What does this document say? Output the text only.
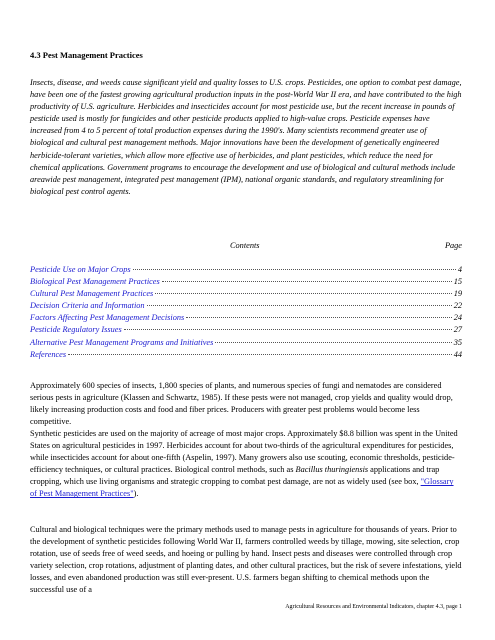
4.3 Pest Management Practices

Insects, disease, and weeds cause significant yield and quality losses to U.S. crops. Pesticides, one option to combat pest damage, have been one of the fastest growing agricultural production inputs in the post-World War II era, and have contributed to the high productivity of U.S. agriculture. Herbicides and insecticides account for most pesticide use, but the recent increase in pounds of pesticide used is mostly for fungicides and other pesticide products applied to high-value crops. Pesticide expenses have increased from 4 to 5 percent of total production expenses during the 1990's. Many scientists recommend greater use of biological and cultural pest management methods. Major innovations have been the development of genetically engineered herbicide-tolerant varieties, which allow more effective use of herbicides, and plant pesticides, which reduce the need for chemical applications. Government programs to encourage the development and use of biological and cultural methods include areawide pest management, integrated pest management (IPM), national organic standards, and regulatory streamlining for biological pest control agents.

Contents	Page
Pesticide Use on Major Crops	4
Biological Pest Management Practices	15
Cultural Pest Management Practices	19
Decision Criteria and Information	22
Factors Affecting Pest Management Decisions	24
Pesticide Regulatory Issues	27
Alternative Pest Management Programs and Initiatives	35
References	44

Approximately 600 species of insects, 1,800 species of plants, and numerous species of fungi and nematodes are considered serious pests in agriculture (Klassen and Schwartz, 1985). If these pests were not managed, crop yields and quality would drop, likely increasing production costs and food and fiber prices. Producers with greater pest problems would become less competitive.

Synthetic pesticides are used on the majority of acreage of most major crops. Approximately $8.8 billion was spent in the United States on agricultural pesticides in 1997. Herbicides account for about two-thirds of the agricultural expenditures for pesticides, while insecticides account for about one-fifth (Aspelin, 1997). Many growers also use scouting, economic thresholds, pesticide-efficiency techniques, or cultural practices. Biological control methods, such as Bacillus thuringiensis applications and trap cropping, which use living organisms and strategic cropping to combat pest damage, are not as widely used (see box, "Glossary of Pest Management Practices").

Cultural and biological techniques were the primary methods used to manage pests in agriculture for thousands of years. Prior to the development of synthetic pesticides following World War II, farmers controlled weeds by tillage, mowing, site selection, crop rotation, use of seeds free of weed seeds, and hoeing or pulling by hand. Insect pests and diseases were controlled through crop variety selection, crop rotations, adjustment of planting dates, and other cultural practices, but the risk of severe infestations, yield losses, and even abandoned production was still ever-present. U.S. farmers began shifting to chemical methods upon the successful use of a

Agricultural Resources and Environmental Indicators, chapter 4.3, page 1
